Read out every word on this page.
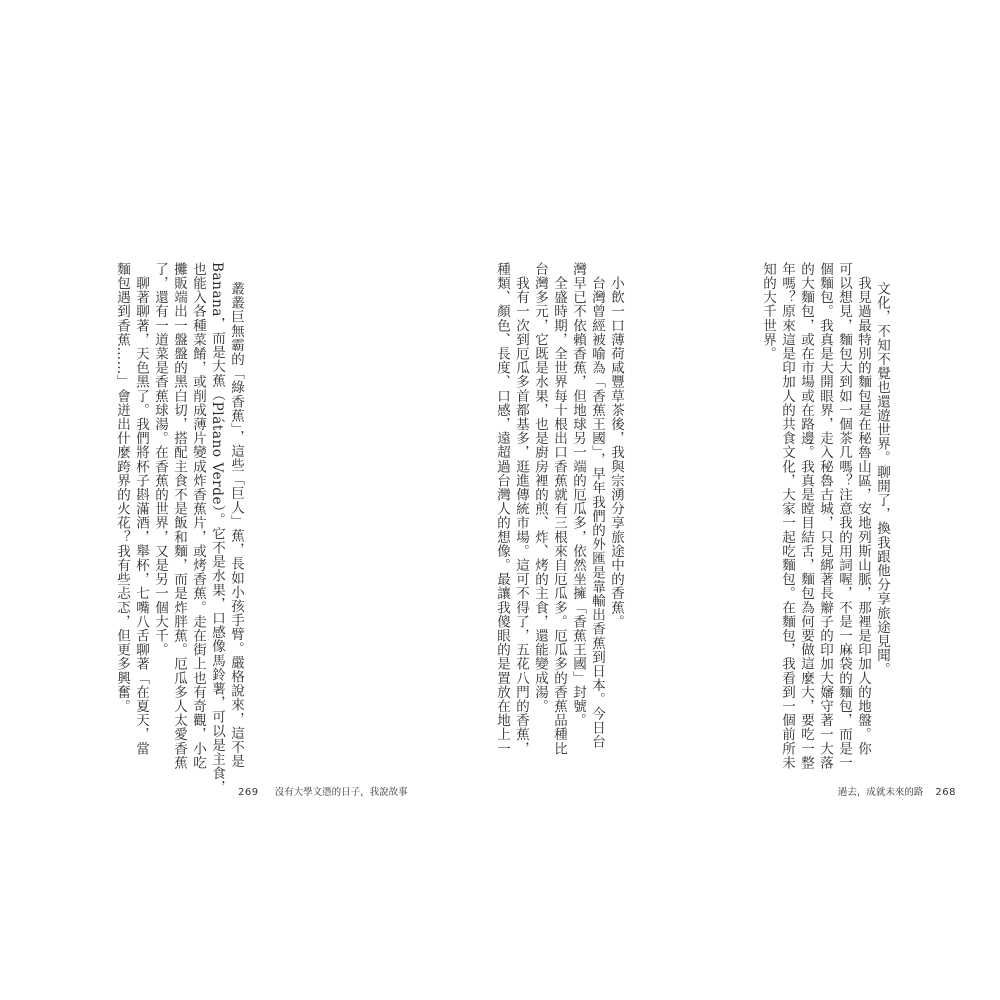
文化，不知不覺也還遊世界。聊開了，換我跟他分享旅途見聞。
　我見過最特別的麵包是在秘魯山區，安地列斯山脈，那裡是印加人的地盤。你
可以想見，麵包大到如一個茶几嗎？注意我的用詞喔，不是一麻袋的麵包，而是一
個麵包。我真是大開眼界，走入秘魯古城，只見綁著長辮子的印加大嬸守著一大落
的大麵包，或在市場或在路邊。我真是瞠目結舌，麵包為何要做這麼大，要吃一整
年嗎？原來這是印加人的共食文化，大家一起吃麵包。在麵包，我看到一個前所未
知的大千世界。

　小飲一口薄荷咸豐草茶後，我與宗湧分享旅途中的香蕉。
　台灣曾經被喻為「香蕉王國」，早年我們的外匯是靠輸出香蕉到日本。今日台
灣早已不依賴香蕉，但地球另一端的厄瓜多，依然坐擁「香蕉王國」封號。
　全盛時期，全世界每十根出口香蕉就有三根來自厄瓜多。厄瓜多的香蕉品種比
台灣多元，它既是水果，也是廚房裡的煎、炸、烤的主食，還能變成湯。
　我有一次到厄瓜多首都基多，逛進傳統市場。這可不得了，五花八門的香蕉，
種類、顏色、長度、口感，遠超過台灣人的想像。最讓我傻眼的是置放在地上一

叢叢巨無霸的「綠香蕉」，這些「巨人」蕉，長如小孩手臂。嚴格說來，這不是
Banana，而是大蕉（Plátano Verde）。它不是水果，口感像馬鈴薯，可以是主食，
也能入各種菜餚，或削成薄片變成炸香蕉片，或烤香蕉。走在街上也有奇觀，小吃
攤販端出一盤盤的黑白切，搭配主食不是飯和麵，而是炸胖蕉。厄瓜多人太愛香蕉
了，還有一道菜是香蕉球湯。在香蕉的世界，又是另一個大千。
　聊著聊著，天色黑了。我們將杯子斟滿酒，舉杯，七嘴八舌聊著「在夏天，當
麵包遇到香蕉……」會迸出什麼跨界的火花？我有些忐忑，但更多興奮。

269 沒有大學文憑的日子，我說故事	過去，成就未來的路 268
